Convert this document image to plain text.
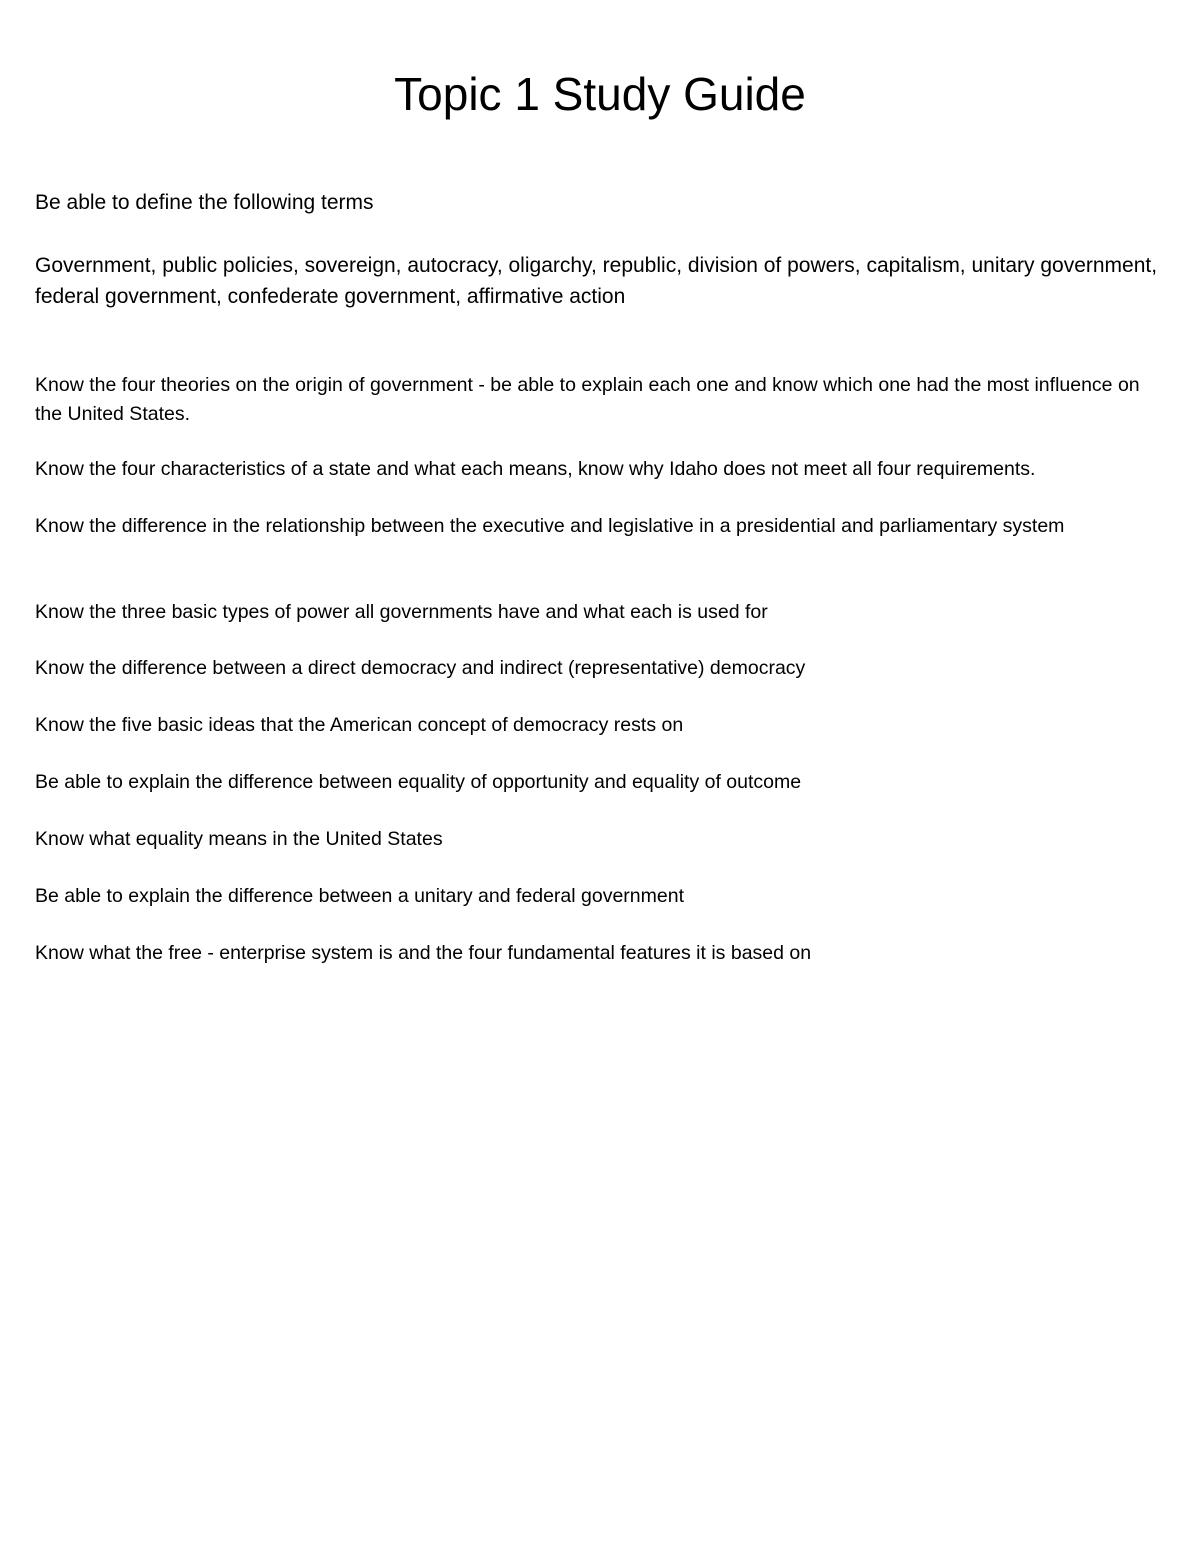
Topic 1 Study Guide

Be able to define the following terms

Government, public policies, sovereign, autocracy, oligarchy, republic, division of powers, capitalism, unitary government, federal government, confederate government, affirmative action

Know the four theories on the origin of government - be able to explain each one and know which one had the most influence on the United States.

Know the four characteristics of a state and what each means, know why Idaho does not meet all four requirements.

Know the difference in the relationship between the executive and legislative in a presidential and parliamentary system

Know the three basic types of power all governments have and what each is used for

Know the difference between a direct democracy and indirect (representative) democracy

Know the five basic ideas that the American concept of democracy rests on

Be able to explain the difference between equality of opportunity and equality of outcome

Know what equality means in the United States

Be able to explain the difference between a unitary and federal government

Know what the free - enterprise system is and the four fundamental features it is based on
